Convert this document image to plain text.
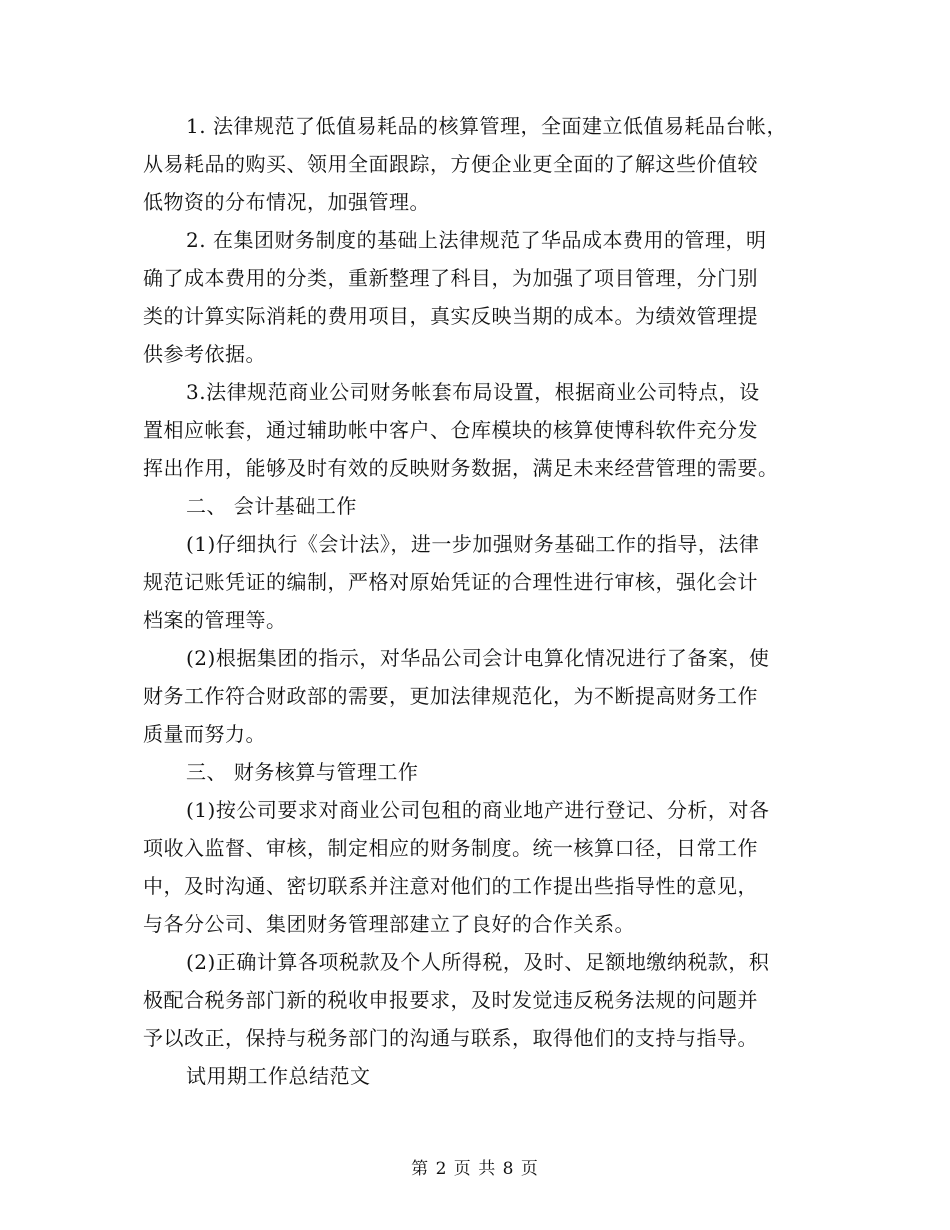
1. 法律规范了低值易耗品的核算管理，全面建立低值易耗品台帐，
从易耗品的购买、领用全面跟踪，方便企业更全面的了解这些价值较
低物资的分布情况，加强管理。
2. 在集团财务制度的基础上法律规范了华品成本费用的管理，明
确了成本费用的分类，重新整理了科目，为加强了项目管理，分门别
类的计算实际消耗的费用项目，真实反映当期的成本。为绩效管理提
供参考依据。
3.法律规范商业公司财务帐套布局设置，根据商业公司特点，设
置相应帐套，通过辅助帐中客户、仓库模块的核算使博科软件充分发
挥出作用，能够及时有效的反映财务数据，满足未来经营管理的需要。
二、 会计基础工作
(1)仔细执行《会计法》，进一步加强财务基础工作的指导，法律
规范记账凭证的编制，严格对原始凭证的合理性进行审核，强化会计
档案的管理等。
(2)根据集团的指示，对华品公司会计电算化情况进行了备案，使
财务工作符合财政部的需要，更加法律规范化，为不断提高财务工作
质量而努力。
三、 财务核算与管理工作
(1)按公司要求对商业公司包租的商业地产进行登记、分析，对各
项收入监督、审核，制定相应的财务制度。统一核算口径，日常工作
中，及时沟通、密切联系并注意对他们的工作提出些指导性的意见，
与各分公司、集团财务管理部建立了良好的合作关系。
(2)正确计算各项税款及个人所得税，及时、足额地缴纳税款，积
极配合税务部门新的税收申报要求，及时发觉违反税务法规的问题并
予以改正，保持与税务部门的沟通与联系，取得他们的支持与指导。
试用期工作总结范文
第 2 页 共 8 页
